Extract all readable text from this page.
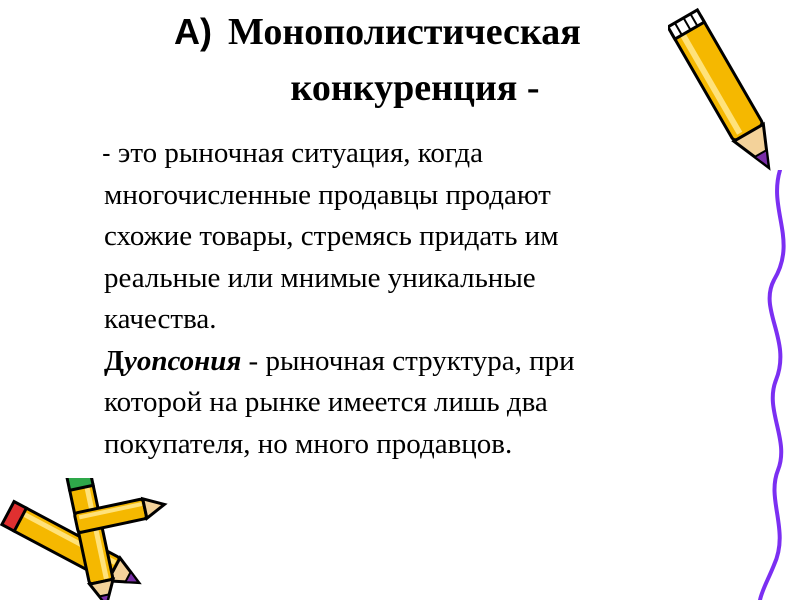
A) Монополистическая
конкуренция -
- это рыночная ситуация, когда
многочисленные продавцы продают
схожие товары, стремясь придать им
реальные или мнимые уникальные
качества.
Дуопсония - рыночная структура, при
которой на рынке имеется лишь два
покупателя, но много продавцов.
